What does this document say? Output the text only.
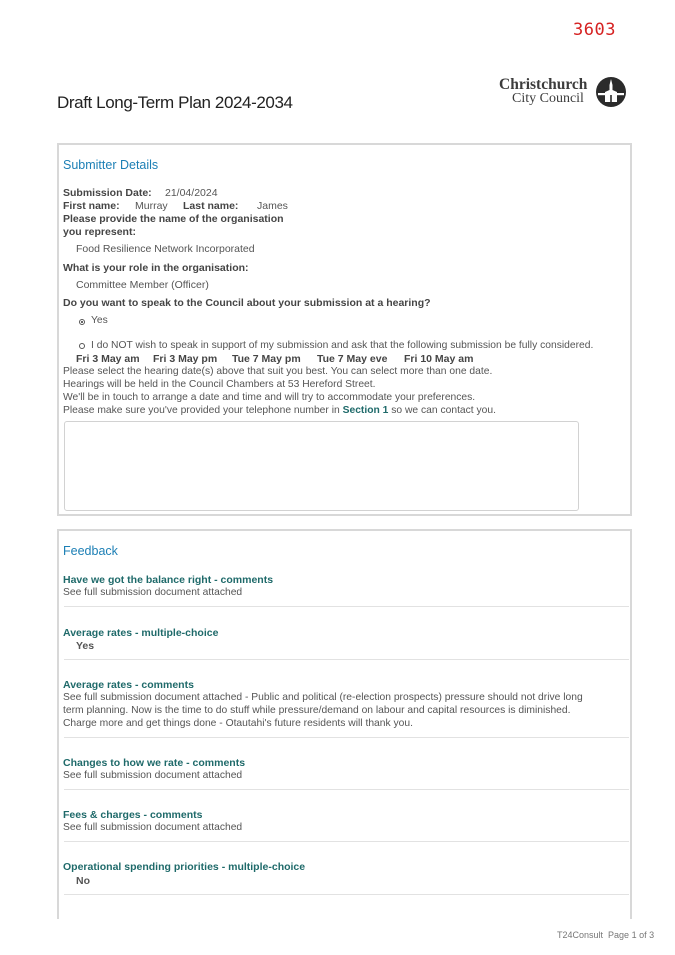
3603
Christchurch
City Council
Draft Long-Term Plan 2024-2034
Submitter Details
Submission Date: 21/04/2024
First name: Murray Last name: James
Please provide the name of the organisation
you represent:
Food Resilience Network Incorporated
What is your role in the organisation:
Committee Member (Officer)
Do you want to speak to the Council about your submission at a hearing?
Yes
I do NOT wish to speak in support of my submission and ask that the following submission be fully considered.
Fri 3 May am Fri 3 May pm Tue 7 May pm Tue 7 May eve Fri 10 May am
Please select the hearing date(s) above that suit you best. You can select more than one date.
Hearings will be held in the Council Chambers at 53 Hereford Street.
We'll be in touch to arrange a date and time and will try to accommodate your preferences.
Please make sure you've provided your telephone number in Section 1 so we can contact you.
Feedback
Have we got the balance right - comments
See full submission document attached
Average rates - multiple-choice
Yes
Average rates - comments
See full submission document attached - Public and political (re-election prospects) pressure should not drive long
term planning. Now is the time to do stuff while pressure/demand on labour and capital resources is diminished.
Charge more and get things done - Otautahi's future residents will thank you.
Changes to how we rate - comments
See full submission document attached
Fees & charges - comments
See full submission document attached
Operational spending priorities - multiple-choice
No
T24Consult Page 1 of 3
